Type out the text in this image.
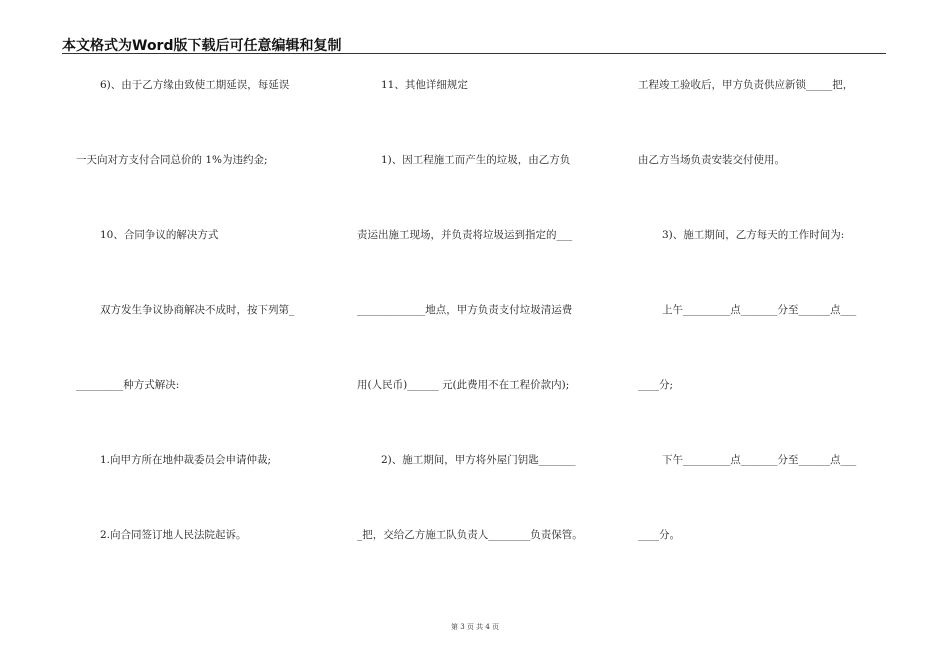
本文格式为Word版下载后可任意编辑和复制
6)、由于乙方缘由致使工期延误，每延误
一天向对方支付合同总价的 1%为违约金;
10、合同争议的解决方式
双方发生争议协商解决不成时，按下列第_
_________种方式解决:
1.向甲方所在地仲裁委员会申请仲裁;
2.向合同签订地人民法院起诉。
11、其他详细规定
1)、因工程施工而产生的垃圾，由乙方负
责运出施工现场，并负责将垃圾运到指定的___
_____________地点，甲方负责支付垃圾清运费
用(人民币)______ 元(此费用不在工程价款内);
2)、施工期间，甲方将外屋门钥匙_______
_把，交给乙方施工队负责人________负责保管。
工程竣工验收后，甲方负责供应新锁_____把，
由乙方当场负责安装交付使用。
3)、施工期间，乙方每天的工作时间为:
上午_________点_______分至______点___
____分;
下午_________点_______分至______点___
____分。
第 3 页 共 4 页
